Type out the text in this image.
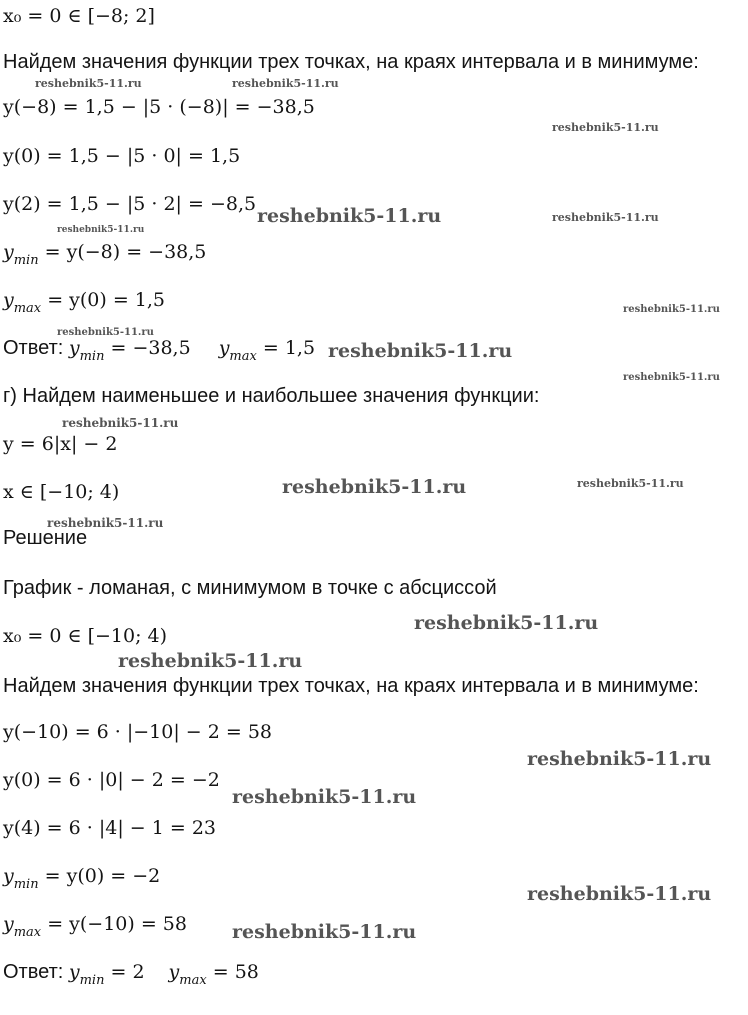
x₀ = 0 ∈ [−8; 2]
Найдем значения функции трех точках, на краях интервала и в минимуме:
y(−8) = 1,5 − |5 · (−8)| = −38,5
y(0) = 1,5 − |5 · 0| = 1,5
y(2) = 1,5 − |5 · 2| = −8,5
$y_{min} = y(-8) = -38,5$
$y_{max} = y(0) = 1,5$
Ответ: $y_{min} = -38,5$ $y_{max} = 1,5$
г) Найдем наименьшее и наибольшее значения функции:
y = 6|x| − 2
x ∈ [−10; 4)
Решение
График - ломаная, с минимумом в точке с абсциссой
x₀ = 0 ∈ [−10; 4)
Найдем значения функции трех точках, на краях интервала и в минимуме:
y(−10) = 6 · |−10| − 2 = 58
y(0) = 6 · |0| − 2 = −2
y(4) = 6 · |4| − 1 = 23
$y_{min} = y(0) = -2$
$y_{max} = y(-10) = 58$
Ответ: $y_{min} = 2$ $y_{max} = 58$
reshebnik5-11.ru	reshebnik5-11.ru
reshebnik5-11.ru
reshebnik5-11.ru	reshebnik5-11.ru
reshebnik5-11.ru
reshebnik5-11.ru
reshebnik5-11.ru
reshebnik5-11.ru
reshebnik5-11.ru
reshebnik5-11.ru
reshebnik5-11.ru
reshebnik5-11.ru
reshebnik5-11.ru
reshebnik5-11.ru
reshebnik5-11.ru
reshebnik5-11.ru
reshebnik5-11.ru
reshebnik5-11.ru
reshebnik5-11.ru
